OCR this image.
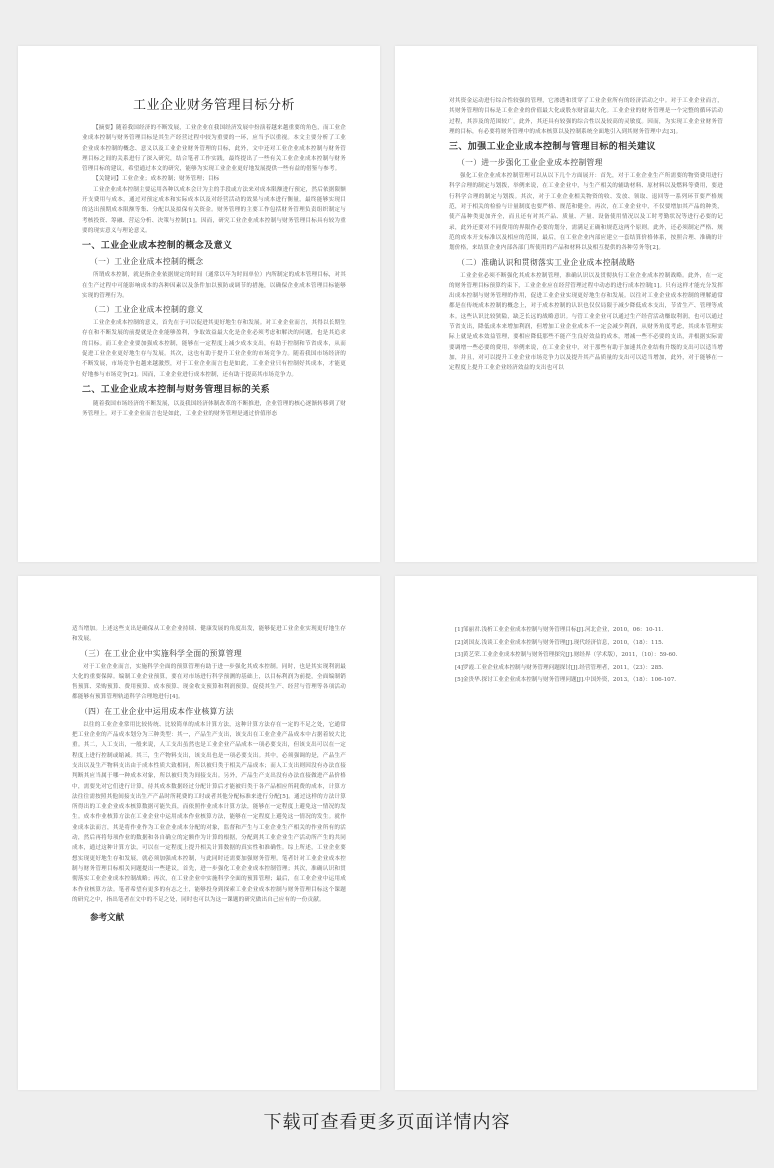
工业企业财务管理目标分析

【摘要】随着我国经济的不断发展，工业企业在我国经济发展中扮演着越来越重要的角色，而工业企业成本控制与财务管理目标是其生产经营过程中较为重要的一环，应当予以重视。本文主要分析了工业企业成本控制的概念、意义以及工业企业财务管理的目标，此外，文中还对工业企业成本控制与财务管理目标之间的关系进行了深入研究，结合笔者工作实践，最终提出了一些有关工业企业成本控制与财务管理目标的建议，希望通过本文的研究，能够为实现工业企业更好地发展提供一些有益的借鉴与参考。

【关键词】工业企业；成本控制；财务管理；目标

工业企业成本控制主要运用各种以成本会计为主的手段或方法来对成本限额进行预定，然后依据限额开支费用与成本，通过对预定成本和实际成本以及对经营活动的效果与成本进行衡量，最终能够实现目的达出预期成本限额等集、分配以及拟保有关资金。财务管理的主要工作包括财务管理负责组织制定与考核投资、筹融、营运分析、决策与控制[1]。因而，研究工业企业成本控制与财务管理目标具有较为重要的现实意义与理论意义。

一、工业企业成本控制的概念及意义
（一）工业企业成本控制的概念

所谓成本控制，就是指企业依据规定的时间（通常以年为时间单位）内所制定的成本管理目标，对其在生产过程中可能影响成本的各种因素以及条件加以预防或调节的措施，以确保企业成本管理目标能够实现的管理行为。

（二）工业企业成本控制的意义

工业企业成本控制的意义，首先在于可以促进其更好地生存和发展。对工业企业而言，其得以长期生存在和不断发展的前提就是企业能够盈利，争取效益最大化是企业必须考虑和解决的问题，也是其追求的目标。而工业企业要加强成本控制，能够在一定程度上减少成本支出，有助于控制和节省成本，从而促进工业企业更好地生存与发展。其次，这也有助于提升工业企业的市场竞争力。随着我国市场经济的不断发展，市场竞争也越来越激烈，对于工业企业而言也是如此，工业企业只有控制好其成本，才能更好地参与市场竞争[2]。因而，工业企业进行成本控制，还有助于提高其市场竞争力。

二、工业企业成本控制与财务管理目标的关系

随着我国市场经济的不断发展，以及我国经济体制改革的不断推进，企业管理的核心逐渐转移到了财务管理上。对于工业企业而言也是如此，工业企业的财务管理是通过价值形态

对其资金运动进行综合性较强的管理，它渗透和贯穿了工业企业所有的经济活动之中。对于工业企业而言，其财务管理的目标是工业企业的价值最大化或股东财富最大化。工业企业的财务管理是一个完整的循环活动过程，其涉及的范围较广，此外，其还具有较强的综合性以及较高的灵敏度。因而，为实现工业企业财务管理的目标，有必要将财务管理中的成本核算以及控制系统全面地引入到其财务管理中去[3]。

三、加强工业企业成本控制与管理目标的相关建议
（一）进一步强化工业企业成本控制管理

强化工业企业成本控制管理可以从以下几个方面展开：首先，对于工业企业生产所需要的物资费用进行科学合理的制定与划拨，举例来说，在工业企业中，与生产相关的辅助材料、原材料以及燃料等费用，要进行科学合理的制定与划拨。其次，对于工业企业相关物资的收、发放、领取、退回等一系列环节要严格规范，对于相关的检验与计量制度也要严格、规范和健全。再次，在工业企业中，不仅要增加其产品的种类，使产品种类更加齐全，而且还有对其产品、质量、产量、设备使用情况以及工时考勤状况等进行必要的记录，此外还要对不同费用的界限作必要的划分，需满足正确和规范这两个原则。此外，还必须制定严格、规范的成本开支标准以及相应的范围，最后，在工业企业内部应建立一套结算价格体系，按照合理、准确的计划价格，来结算企业内部各部门所使用的产品和材料以及相互提供的各种劳务等[2]。

（二）准确认识和贯彻落实工业企业成本控制战略

工业企业必须不断强化其成本控制管理，准确认识以及贯彻执行工业企业成本控制战略。此外，在一定的财务管理目标预算约束下，工业企业应在经营管理过程中动态的进行成本控制[1]。只有这样才能充分发挥出成本控制与财务管理的作用，促进工业企业实现更好地生存和发展。以往对工业企业成本控制的理解通常都是在传统成本控制的概念上，对于成本控制的认识也仅仅局限于减少降低成本支出，节省生产、管理等成本。这些认识比较狭隘，缺乏长远的战略意识。与管工业企业可以通过生产经营活动赚取利润，也可以通过节省支出，降低成本来增加利润，但增加工业企业成本不一定会减少利润，从财务角度考虑，其成本管理实际上就是成本效益管理，要相应降低那些不能产生良好效益的成本，增减一些不必要的支出，并根据实际需要调增一些必要的费用，举例来说，在工业企业中，对于那些有助于加速其企业结构升级的支出可以适当增加，并且，对可以提升工业企业市场竞争力以及提升其产品质量的支出可以适当增加，此外，对于能够在一定程度上提升工业企业经济效益的支出也可以

适当增加。上述这些支出是确保从工业企业持续、健康发展的角度出发，能够促进工业企业实现更好地生存和发展。

（三）在工业企业中实施科学全面的预算管理

对于工业企业而言，实施科学全面的预算管理有助于进一步强化其成本控制。同时，也是其实现利润最大化的重要保障。编制工业企业预算，要在对市场进行科学预测的基础上，以目标利润为前提，全面编制销售预算、采购预算、费用预算、成本预算、现金收支预算和利润预算，促使其生产、经营与管理等各项活动都能够有预算管理轨道科学合理地进行[4]。

（四）在工业企业中运用成本作业核算方法

以往的工业企业常用比较传统、比较简单的成本计算方法，这种计算方法存在一定的不足之处，它通常把工业企业的产品成本划分为三种类型：其一，产品生产支出，该支出在工业企业产品成本中占据着较大比重。其二，人工支出，一般来说，人工支出虽然也是工业企业产品成本一项必要支出，但该支出可以在一定程度上进行控制或缩减。其三，生产物料支出，该支出也是一项必要支出。其中，必须强调的是，产品生产支出以及生产物料支出由于成本性质大致相同，所以被归类于相关产品成本；而人工支出则因没有办法直接判断其应当属于哪一种成本对象，所以被归类为间接支出。另外，产品生产支出没有办法直接做进产品价格中，需要先对它们进行计算，待其成本数据经过分配计算后才能被归类于各产品相应所耗费的成本，计算方法往往需按照其他间接支出生产产品时所耗费的工时或者其他分配标准来进行分配[5]。通过这样的方法计算所得出的工业企业成本核算数据可能失真，而依照作业成本计算方法，能够在一定程度上避免这一情况的发生。成本作业核算方法在工业企业中运用成本作业核算方法，能够在一定程度上避免这一情况的发生。就作业成本法而言，其是将作业作为工业企业成本分配的对象，监督和产生与工业企业生产相关的作业所有的活动，然后再将每项作业的数据和各自确立的定额作为计算的根据，分配到其工业企业生产活动所产生的共同成本，通过这种计算方法，可以在一定程度上提升相关计算数据的真实性和准确性。综上所述，工业企业要想实现更好地生存和发展，就必须加强成本控制，与此同时还需要加强财务管理。笔者针对工业企业成本控制与财务管理目标相关问题提出一些建议，首先，进一步强化工业企业成本控制管理；其次，准确认识和贯彻落实工业企业成本控制战略；再次，在工业企业中实施科学全面的预算管理；最后，在工业企业中运用成本作业核算方法。笔者希望有更多的有志之士，能够投身到探索工业企业成本控制与财务管理目标这个课题的研究之中，指出笔者在文中的不足之处，同时也可以为这一课题的研究做出自己应有的一份贡献。

参考文献
[1]邹丽君.浅析工业企业成本控制与财务管理目标[J].河北企业，2010，06：10-11.
[2]刘国友.浅谈工业企业成本控制与财务管理[J].现代经济信息，2010，（18）：115.
[3]黄艺荣.工业企业成本控制与财务管理探究[J].财经界（学术版），2011，（10）：59-60.
[4]罗霞.工业企业成本控制与财务管理问题探讨[J].经营管理者，2011，（23）：285.
[5]金贵华.探讨工业企业成本控制与财务管理问题[J].中国外资，2013，（18）：106-107.
下载可查看更多页面详情内容
